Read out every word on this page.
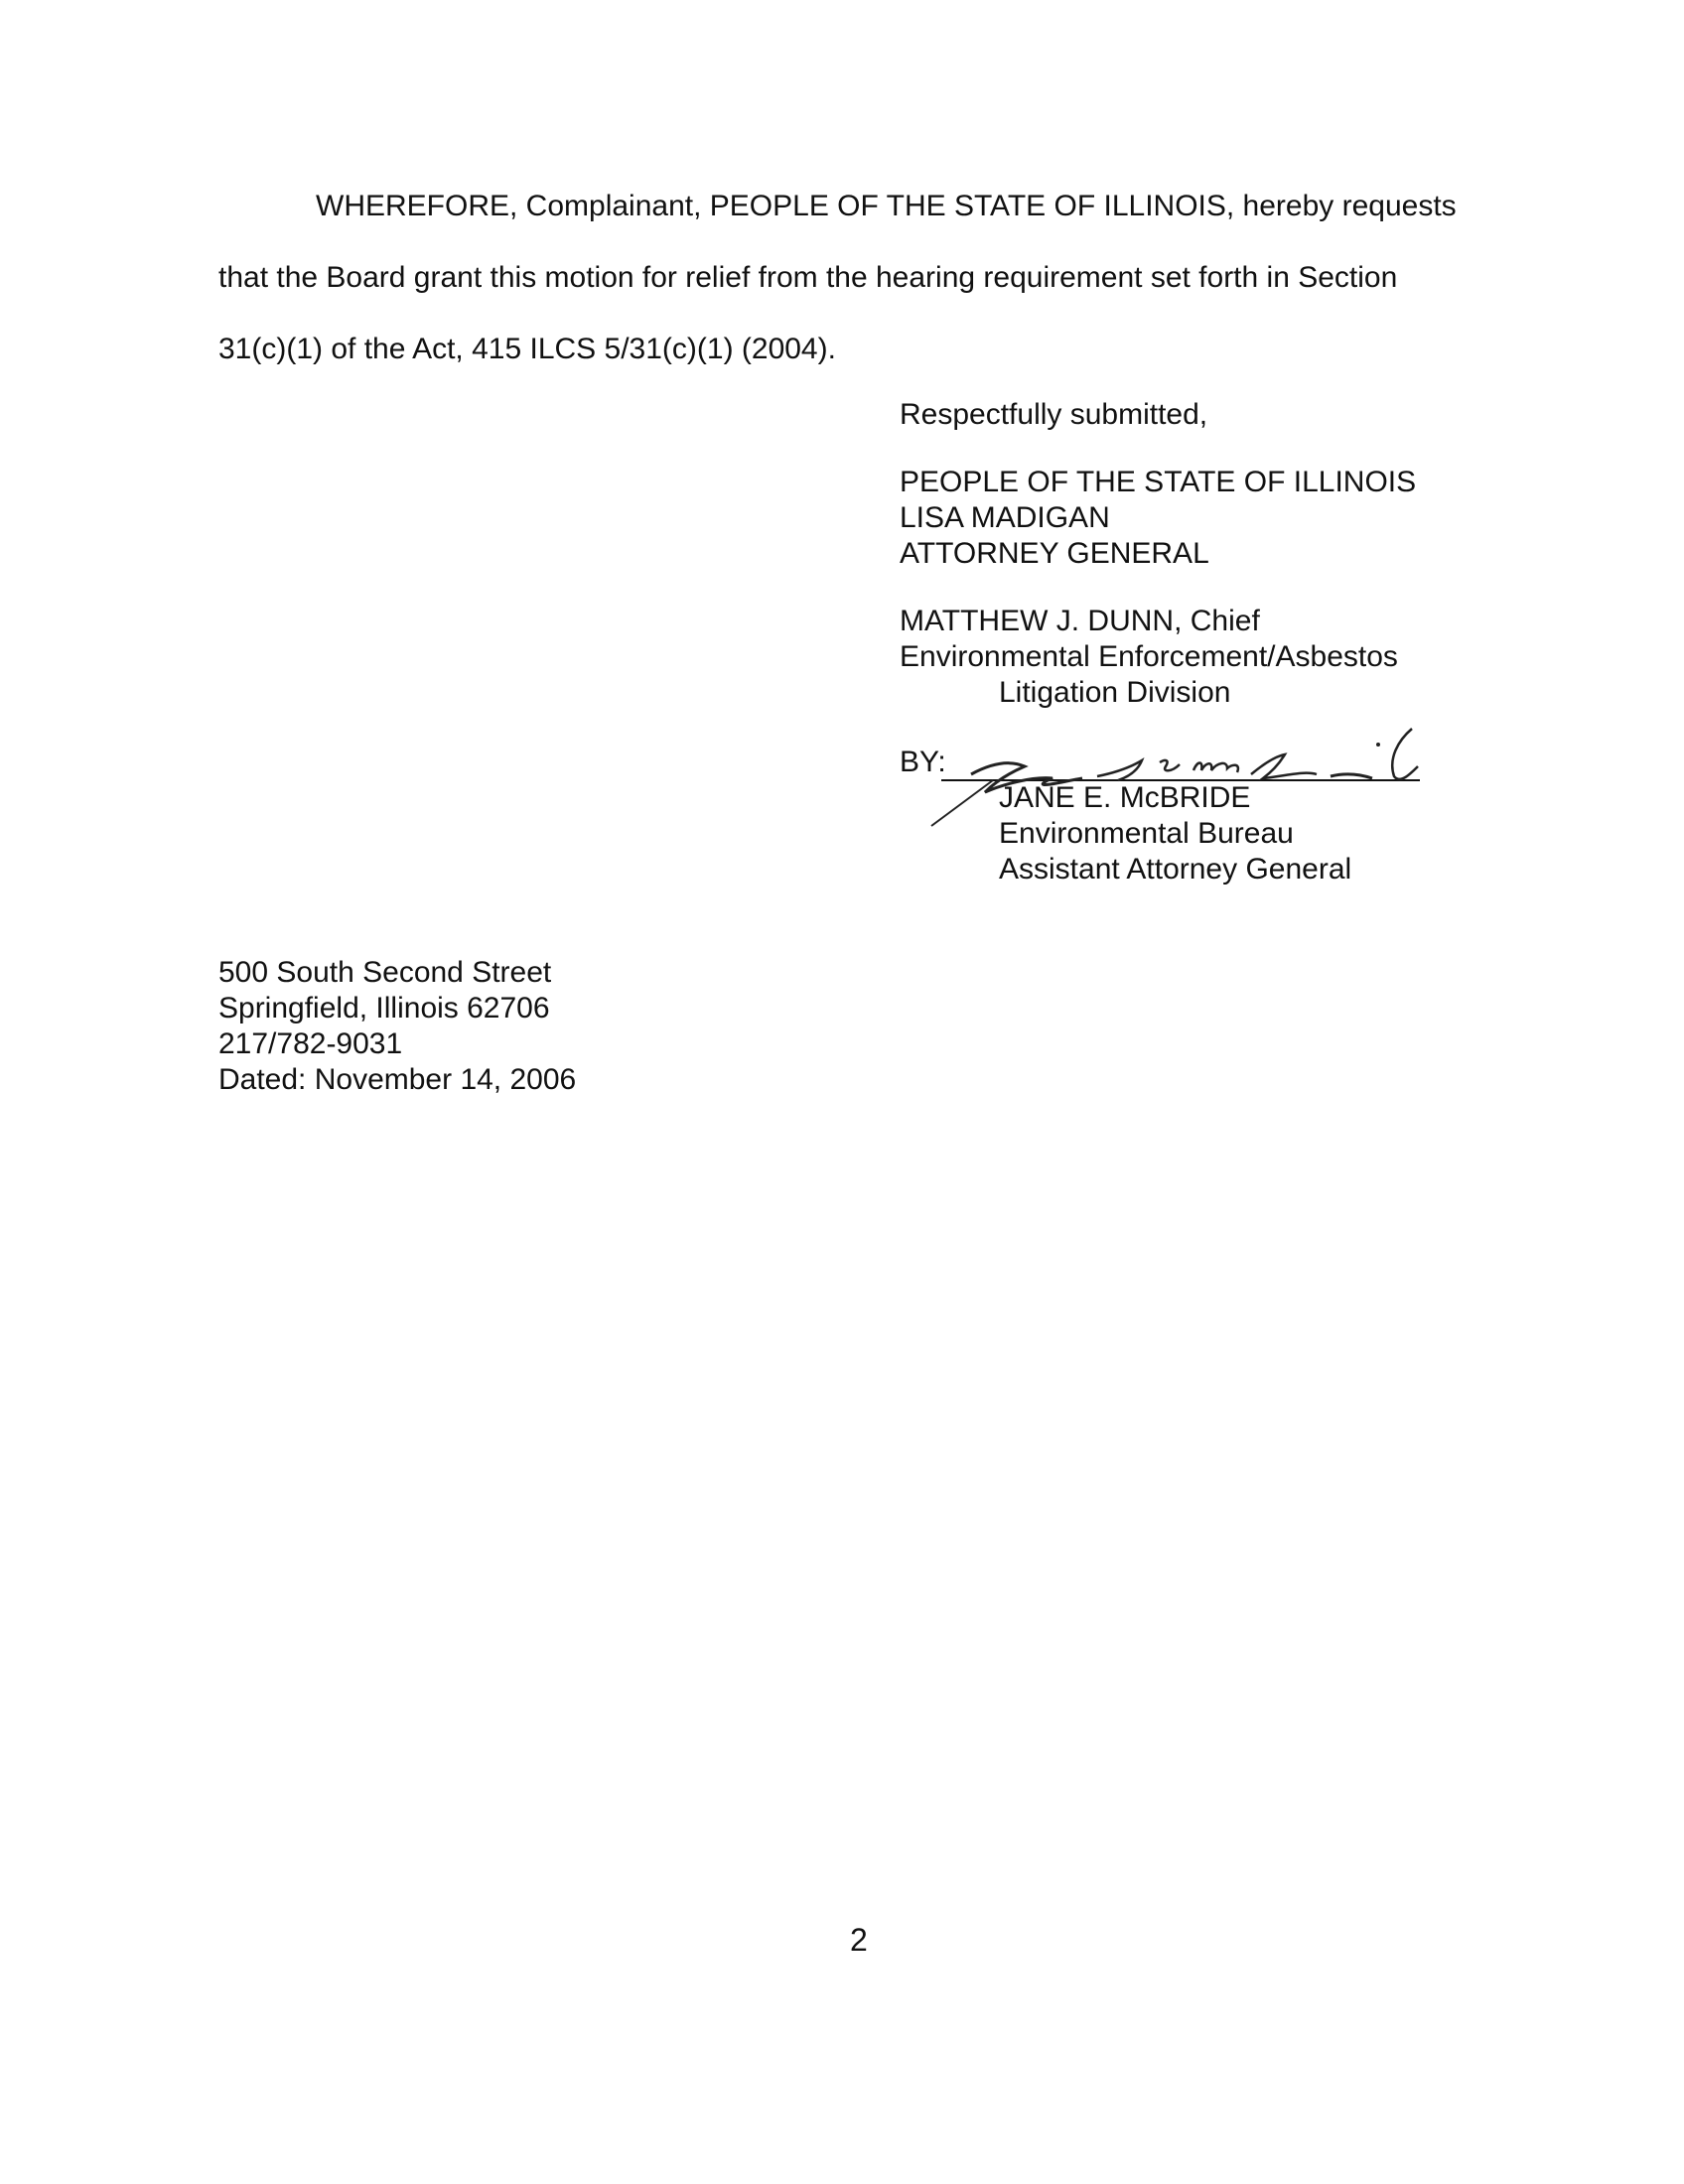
WHEREFORE, Complainant, PEOPLE OF THE STATE OF ILLINOIS, hereby requests
that the Board grant this motion for relief from the hearing requirement set forth in Section
31(c)(1) of the Act, 415 ILCS 5/31(c)(1) (2004).
Respectfully submitted,
PEOPLE OF THE STATE OF ILLINOIS
LISA MADIGAN
ATTORNEY GENERAL
MATTHEW J. DUNN, Chief
Environmental Enforcement/Asbestos
Litigation Division
BY:
JANE E. McBRIDE
Environmental Bureau
Assistant Attorney General
500 South Second Street
Springfield, Illinois 62706
217/782-9031
Dated: November 14, 2006
2
